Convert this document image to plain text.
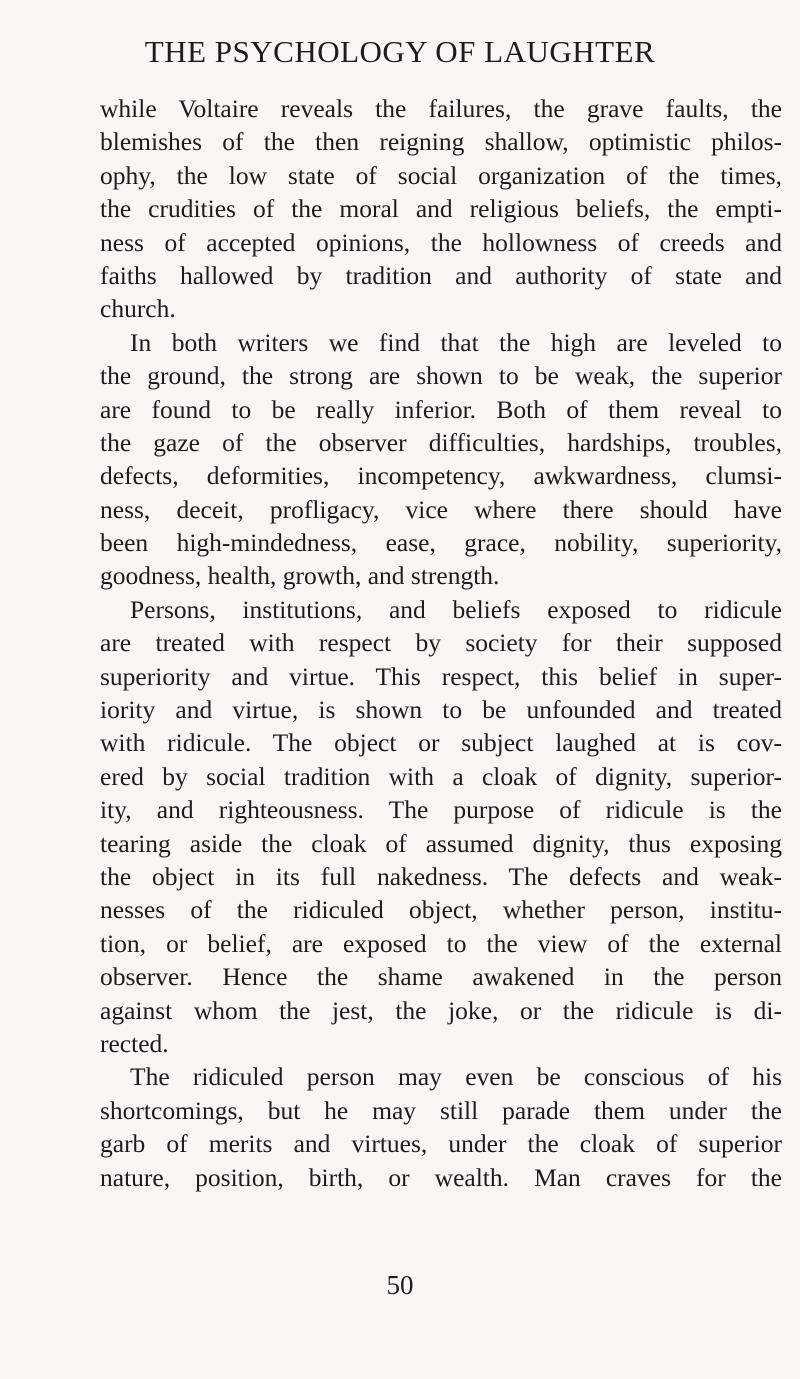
THE PSYCHOLOGY OF LAUGHTER
while Voltaire reveals the failures, the grave faults, the
blemishes of the then reigning shallow, optimistic philos-
ophy, the low state of social organization of the times,
the crudities of the moral and religious beliefs, the empti-
ness of accepted opinions, the hollowness of creeds and
faiths hallowed by tradition and authority of state and
church.
In both writers we find that the high are leveled to
the ground, the strong are shown to be weak, the superior
are found to be really inferior. Both of them reveal to
the gaze of the observer difficulties, hardships, troubles,
defects, deformities, incompetency, awkwardness, clumsi-
ness, deceit, profligacy, vice where there should have
been high-mindedness, ease, grace, nobility, superiority,
goodness, health, growth, and strength.
Persons, institutions, and beliefs exposed to ridicule
are treated with respect by society for their supposed
superiority and virtue. This respect, this belief in super-
iority and virtue, is shown to be unfounded and treated
with ridicule. The object or subject laughed at is cov-
ered by social tradition with a cloak of dignity, superior-
ity, and righteousness. The purpose of ridicule is the
tearing aside the cloak of assumed dignity, thus exposing
the object in its full nakedness. The defects and weak-
nesses of the ridiculed object, whether person, institu-
tion, or belief, are exposed to the view of the external
observer. Hence the shame awakened in the person
against whom the jest, the joke, or the ridicule is di-
rected.
The ridiculed person may even be conscious of his
shortcomings, but he may still parade them under the
garb of merits and virtues, under the cloak of superior
nature, position, birth, or wealth. Man craves for the
50
